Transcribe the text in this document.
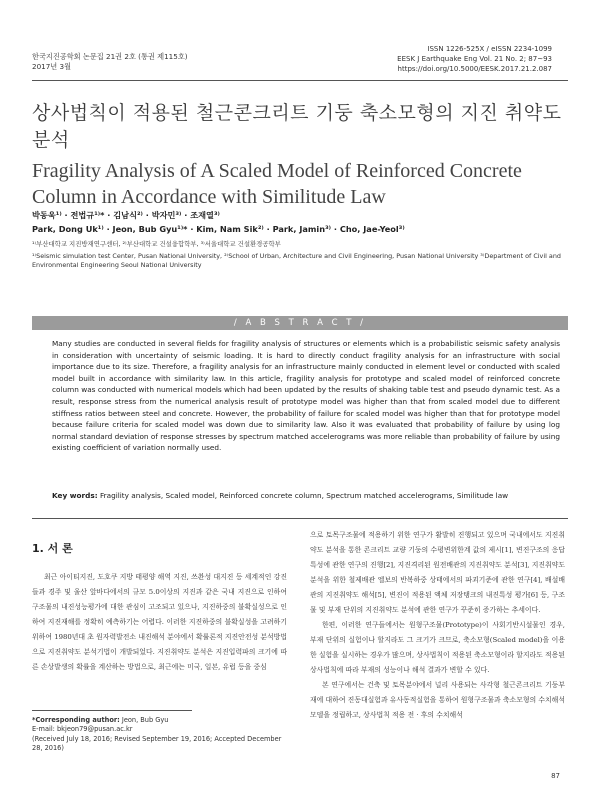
한국지진공학회 논문집 21권 2호 (통권 제115호)
2017년 3월
ISSN 1226-525X / eISSN 2234-1099
EESK J Earthquake Eng Vol. 21 No. 2; 87~93
https://doi.org/10.5000/EESK.2017.21.2.087
상사법칙이 적용된 철근콘크리트 기둥 축소모형의 지진 취약도 분석
Fragility Analysis of A Scaled Model of Reinforced Concrete Column in Accordance with Similitude Law
박동욱¹⁾ · 전법규¹⁾* · 김남식²⁾ · 박자민³⁾ · 조재열³⁾
Park, Dong Uk¹⁾ · Jeon, Bub Gyu¹⁾* · Kim, Nam Sik²⁾ · Park, Jamin³⁾ · Cho, Jae-Yeol³⁾
¹⁾부산대학교 지진방재연구센터, ²⁾부산대학교 건설융합학부, ³⁾서울대학교 건설환경공학부
¹⁾Seismic simulation test Center, Pusan National University, ²⁾School of Urban, Architecture and Civil Engineering, Pusan National University ³⁾Department of Civil and Environmental Engineering Seoul National University
/ A B S T R A C T /
Many studies are conducted in several fields for fragility analysis of structures or elements which is a probabilistic seismic safety analysis in consideration with uncertainty of seismic loading. It is hard to directly conduct fragility analysis for an infrastructure with social importance due to its size. Therefore, a fragility analysis for an infrastructure mainly conducted in element level or conducted with scaled model built in accordance with similarity law. In this article, fragility analysis for prototype and scaled model of reinforced concrete column was conducted with numerical models which had been updated by the results of shaking table test and pseudo dynamic test. As a result, response stress from the numerical analysis result of prototype model was higher than that from scaled model due to different stiffness ratios between steel and concrete. However, the probability of failure for scaled model was higher than that for prototype model because failure criteria for scaled model was down due to similarity law. Also it was evaluated that probability of failure by using log normal standard deviation of response stresses by spectrum matched accelerograms was more reliable than probability of failure by using existing coefficient of variation normally used.
Key words: Fragility analysis, Scaled model, Reinforced concrete column, Spectrum matched accelerograms, Similitude law
1. 서 론

최근 아이티지진, 도호쿠 지방 태평양 해역 지진, 쓰촨성 대지진 등 세계적인 강진들과 경주 및 울산 앞바다에서의 규모 5.0이상의 지진과 같은 국내 지진으로 인하여 구조물의 내진성능평가에 대한 관심이 고조되고 있으나, 지진하중의 불확실성으로 인하여 지진재해를 정확히 예측하기는 어렵다. 이러한 지진하중의 불확실성을 고려하기 위하여 1980년대 초 원자력발전소 내진해석 분야에서 확률론적 지진안전성 분석방법으로 지진취약도 분석기법이 개발되었다. 지진취약도 분석은 지진입력파의 크기에 따른 손상발생의 확률을 계산하는 방법으로, 최근에는 미국, 일본, 유럽 등을 중심

으로 토목구조물에 적용하기 위한 연구가 활발히 진행되고 있으며 국내에서도 지진취약도 분석을 통한 콘크리트 교량 기둥의 수평변위한계 값의 제시[1], 변진구조의 응답특성에 관한 연구의 진행[2], 지진격리된 원전배관의 지진취약도 분석[3], 지진취약도 분석을 위한 철제배관 엘보의 반복하중 상태에서의 파괴기준에 관한 연구[4], 배설배관의 지진취약도 해석[5], 변진이 적용된 액체 저장탱크의 내진특성 평가[6] 등, 구조물 및 부재 단위의 지진취약도 분석에 관한 연구가 꾸준히 증가하는 추세이다.

한편, 이러한 연구들에서는 원형구조물(Prototype)이 사회기반시설물인 경우, 부재 단위의 실험이나 할지라도 그 크기가 크므로, 축소모형(Scaled model)을 이용한 실험을 실시하는 경우가 많으며, 상사법칙이 적용된 축소모형이라 할지라도 적용된 상사법칙에 따라 부재의 성능이나 해석 결과가 변할 수 있다.

본 연구에서는 건축 및 토목분야에서 널리 사용되는 사각형 철근콘크리트 기둥부재에 대하여 진동대실험과 유사동적실험을 통하여 원형구조물과 축소모형의 수치해석 모델을 정립하고, 상사법칙 적용 전 · 후의 수치해석

*Corresponding author: Jeon, Bub Gyu
E-mail: bkjeon79@pusan.ac.kr
(Received July 18, 2016; Revised September 19, 2016; Accepted December 28, 2016)
87
